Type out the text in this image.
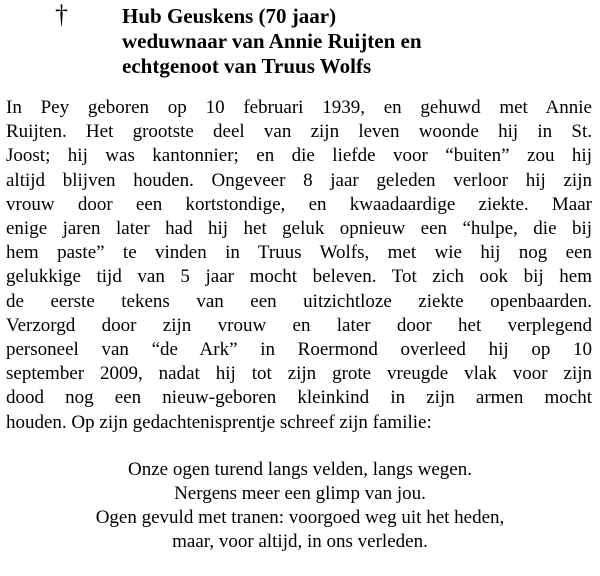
†	Hub Geuskens (70 jaar)
weduwnaar van Annie Ruijten en
echtgenoot van Truus Wolfs
In Pey geboren op 10 februari 1939, en gehuwd met Annie
Ruijten. Het grootste deel van zijn leven woonde hij in St.
Joost; hij was kantonnier; en die liefde voor “buiten” zou hij
altijd blijven houden. Ongeveer 8 jaar geleden verloor hij zijn
vrouw door een kortstondige, en kwaadaardige ziekte. Maar
enige jaren later had hij het geluk opnieuw een “hulpe, die bij
hem paste” te vinden in Truus Wolfs, met wie hij nog een
gelukkige tijd van 5 jaar mocht beleven. Tot zich ook bij hem
de eerste tekens van een uitzichtloze ziekte openbaarden.
Verzorgd door zijn vrouw en later door het verplegend
personeel van “de Ark” in Roermond overleed hij op 10
september 2009, nadat hij tot zijn grote vreugde vlak voor zijn
dood nog een nieuw-geboren kleinkind in zijn armen mocht
houden. Op zijn gedachtenisprentje schreef zijn familie:
Onze ogen turend langs velden, langs wegen.
Nergens meer een glimp van jou.
Ogen gevuld met tranen: voorgoed weg uit het heden,
maar, voor altijd, in ons verleden.
